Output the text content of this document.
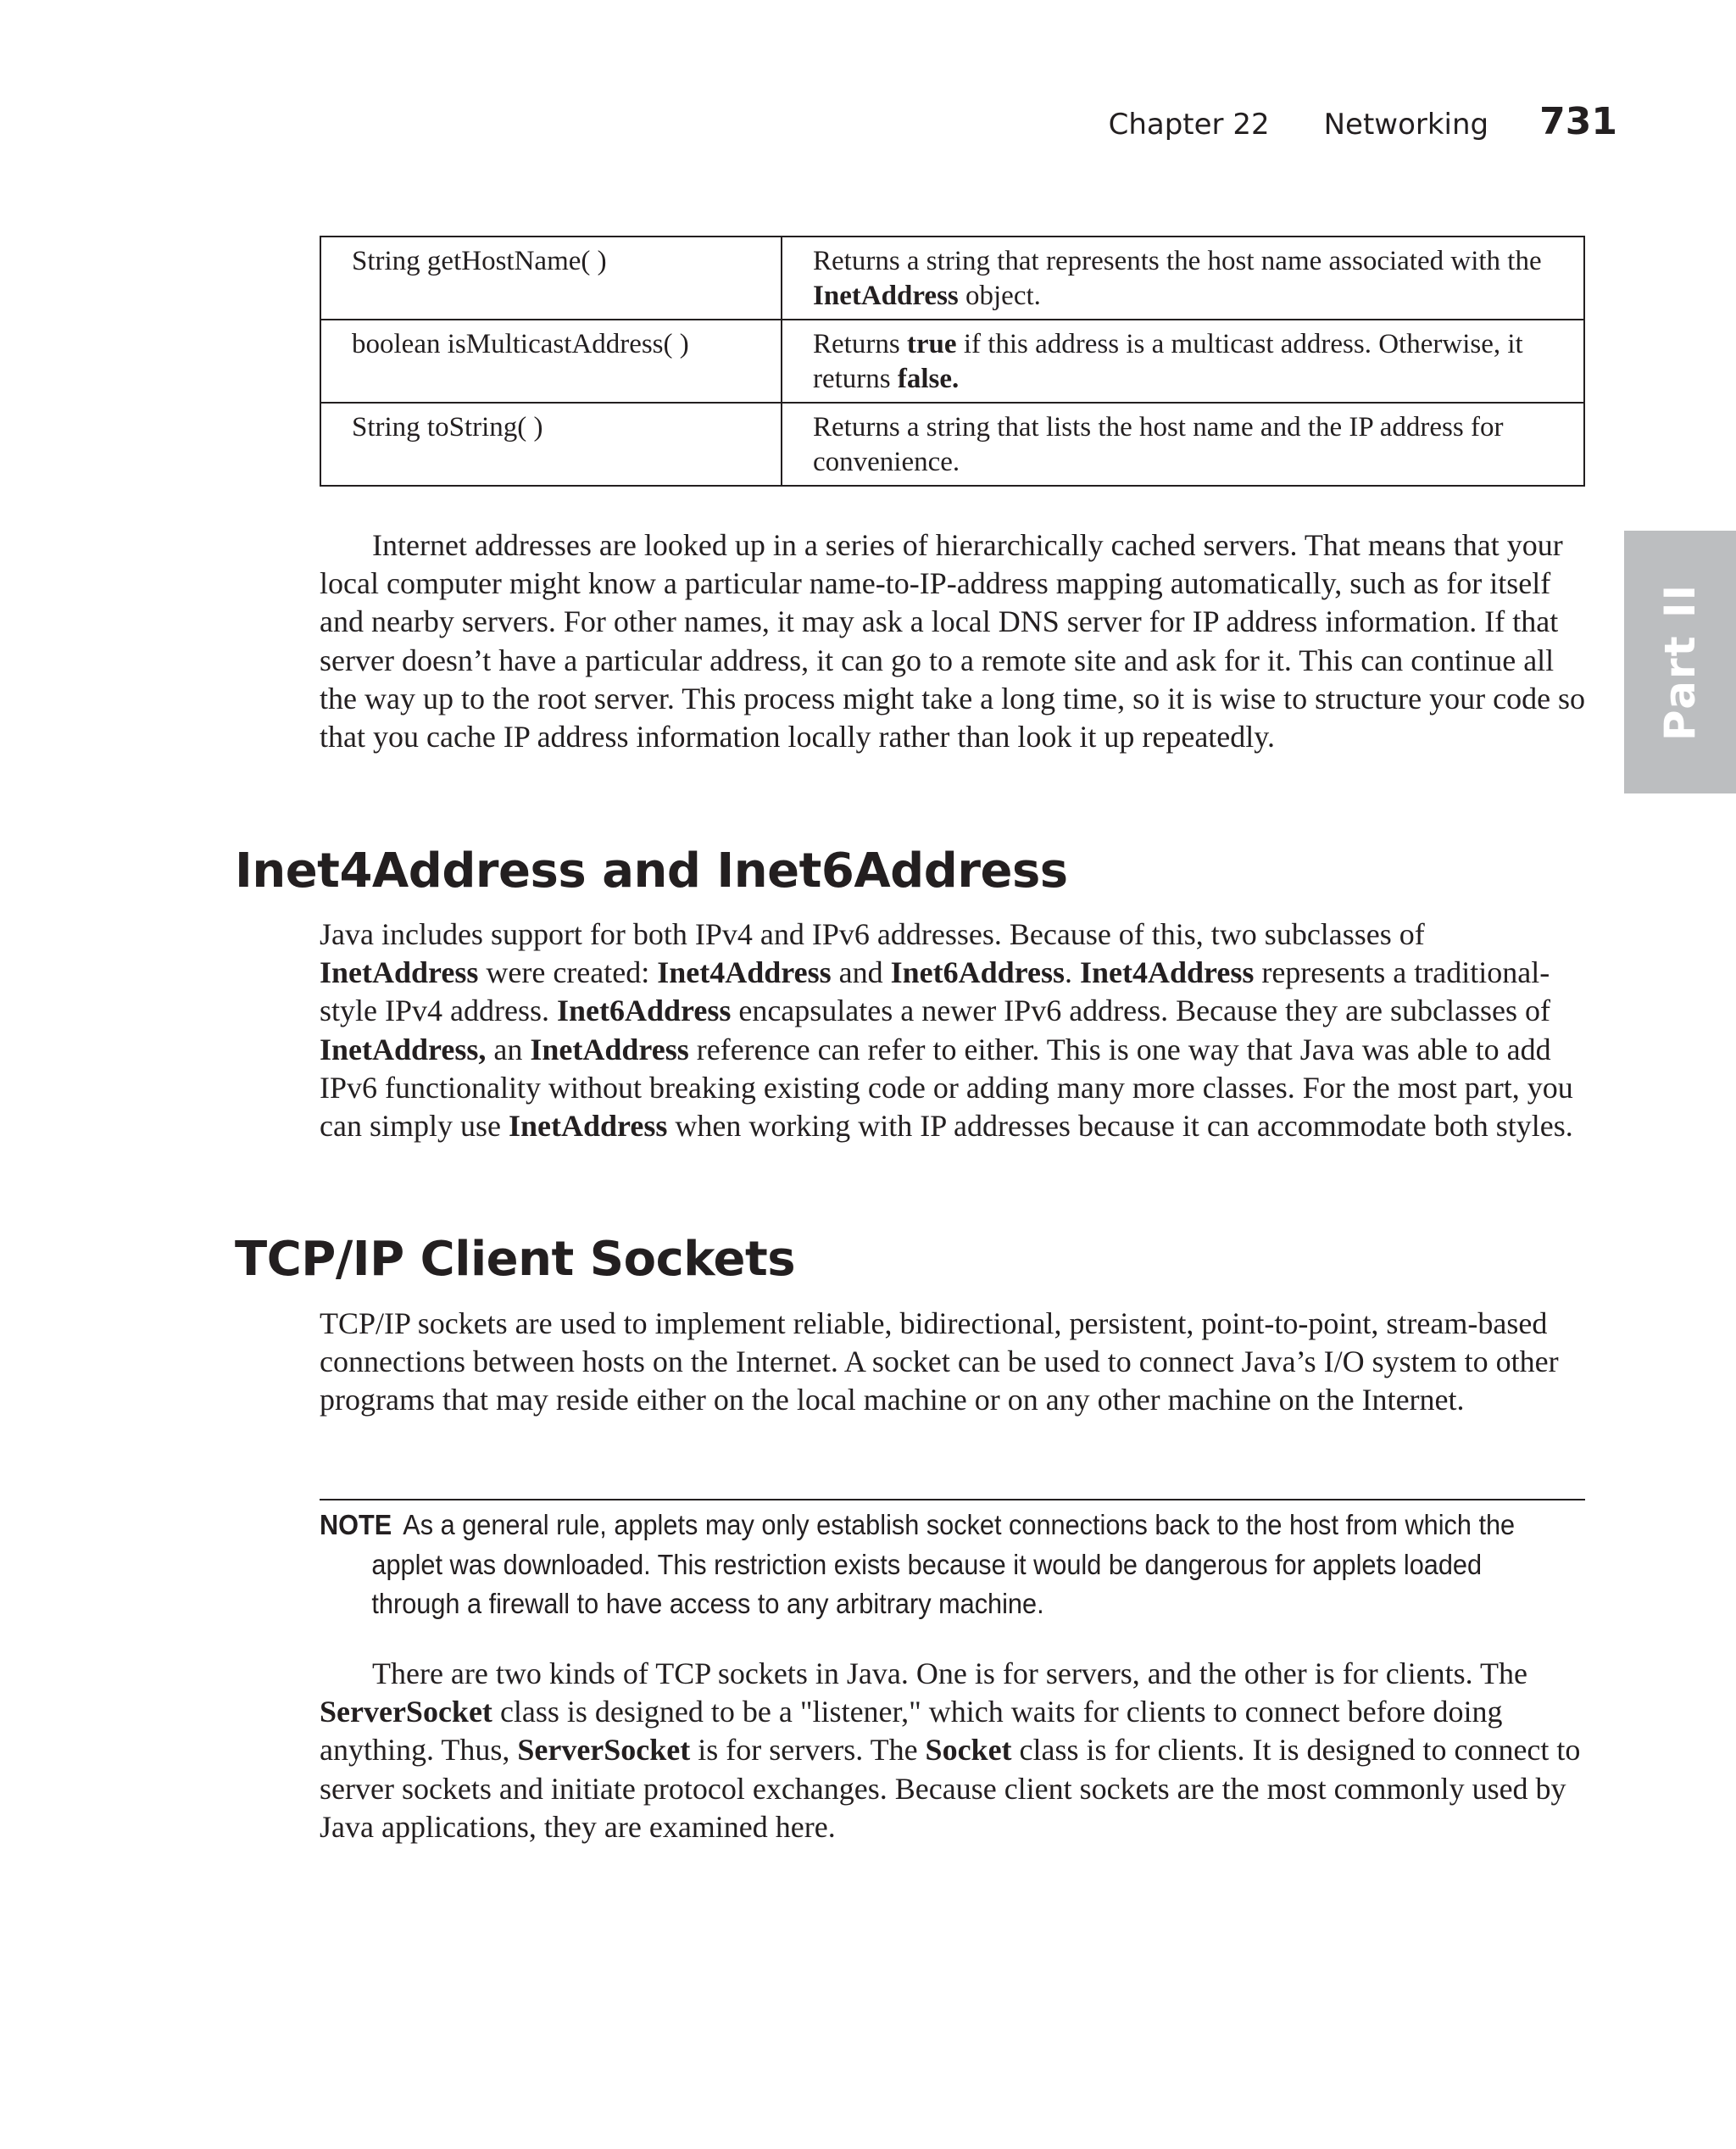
Chapter 22 Networking 731
Part II
String getHostName( )	Returns a string that represents the host name associated with the InetAddress object.
boolean isMulticastAddress( )	Returns true if this address is a multicast address. Otherwise, it returns false.
String toString( )	Returns a string that lists the host name and the IP address for convenience.

Internet addresses are looked up in a series of hierarchically cached servers. That means that your local computer might know a particular name-to-IP-address mapping automatically, such as for itself and nearby servers. For other names, it may ask a local DNS server for IP address information. If that server doesn’t have a particular address, it can go to a remote site and ask for it. This can continue all the way up to the root server. This process might take a long time, so it is wise to structure your code so that you cache IP address information locally rather than look it up repeatedly.

Inet4Address and Inet6Address

Java includes support for both IPv4 and IPv6 addresses. Because of this, two subclasses of InetAddress were created: Inet4Address and Inet6Address. Inet4Address represents a traditional-style IPv4 address. Inet6Address encapsulates a newer IPv6 address. Because they are subclasses of InetAddress, an InetAddress reference can refer to either. This is one way that Java was able to add IPv6 functionality without breaking existing code or adding many more classes. For the most part, you can simply use InetAddress when working with IP addresses because it can accommodate both styles.

TCP/IP Client Sockets

TCP/IP sockets are used to implement reliable, bidirectional, persistent, point-to-point, stream-based connections between hosts on the Internet. A socket can be used to connect Java’s I/O system to other programs that may reside either on the local machine or on any other machine on the Internet.

NOTE As a general rule, applets may only establish socket connections back to the host from which the applet was downloaded. This restriction exists because it would be dangerous for applets loaded through a firewall to have access to any arbitrary machine.

There are two kinds of TCP sockets in Java. One is for servers, and the other is for clients. The ServerSocket class is designed to be a "listener," which waits for clients to connect before doing anything. Thus, ServerSocket is for servers. The Socket class is for clients. It is designed to connect to server sockets and initiate protocol exchanges. Because client sockets are the most commonly used by Java applications, they are examined here.
